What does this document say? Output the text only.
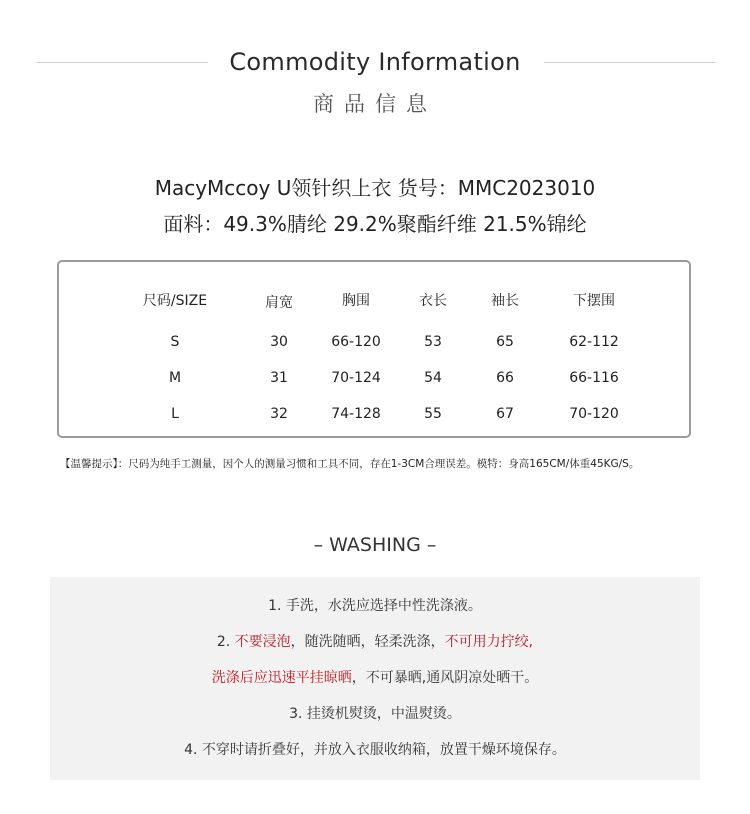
Commodity Information
商品信息
MacyMccoy U领针织上衣 货号：MMC2023010
面料：49.3%腈纶 29.2%聚酯纤维 21.5%锦纶
尺码/SIZE	肩宽	胸围	衣长	袖长	下摆围
S	30	66-120	53	65	62-112
M	31	70-124	54	66	66-116
L	32	74-128	55	67	70-120
【温馨提示】：尺码为纯手工测量，因个人的测量习惯和工具不同，存在1-3CM合理误差。模特：身高165CM/体重45KG/S。
– WASHING –
1. 手洗，水洗应选择中性洗涤液。
2. 不要浸泡，随洗随晒，轻柔洗涤，不可用力拧绞,
洗涤后应迅速平挂晾晒，不可暴晒,通风阴凉处晒干。
3. 挂烫机熨烫，中温熨烫。
4. 不穿时请折叠好，并放入衣服收纳箱，放置干燥环境保存。
